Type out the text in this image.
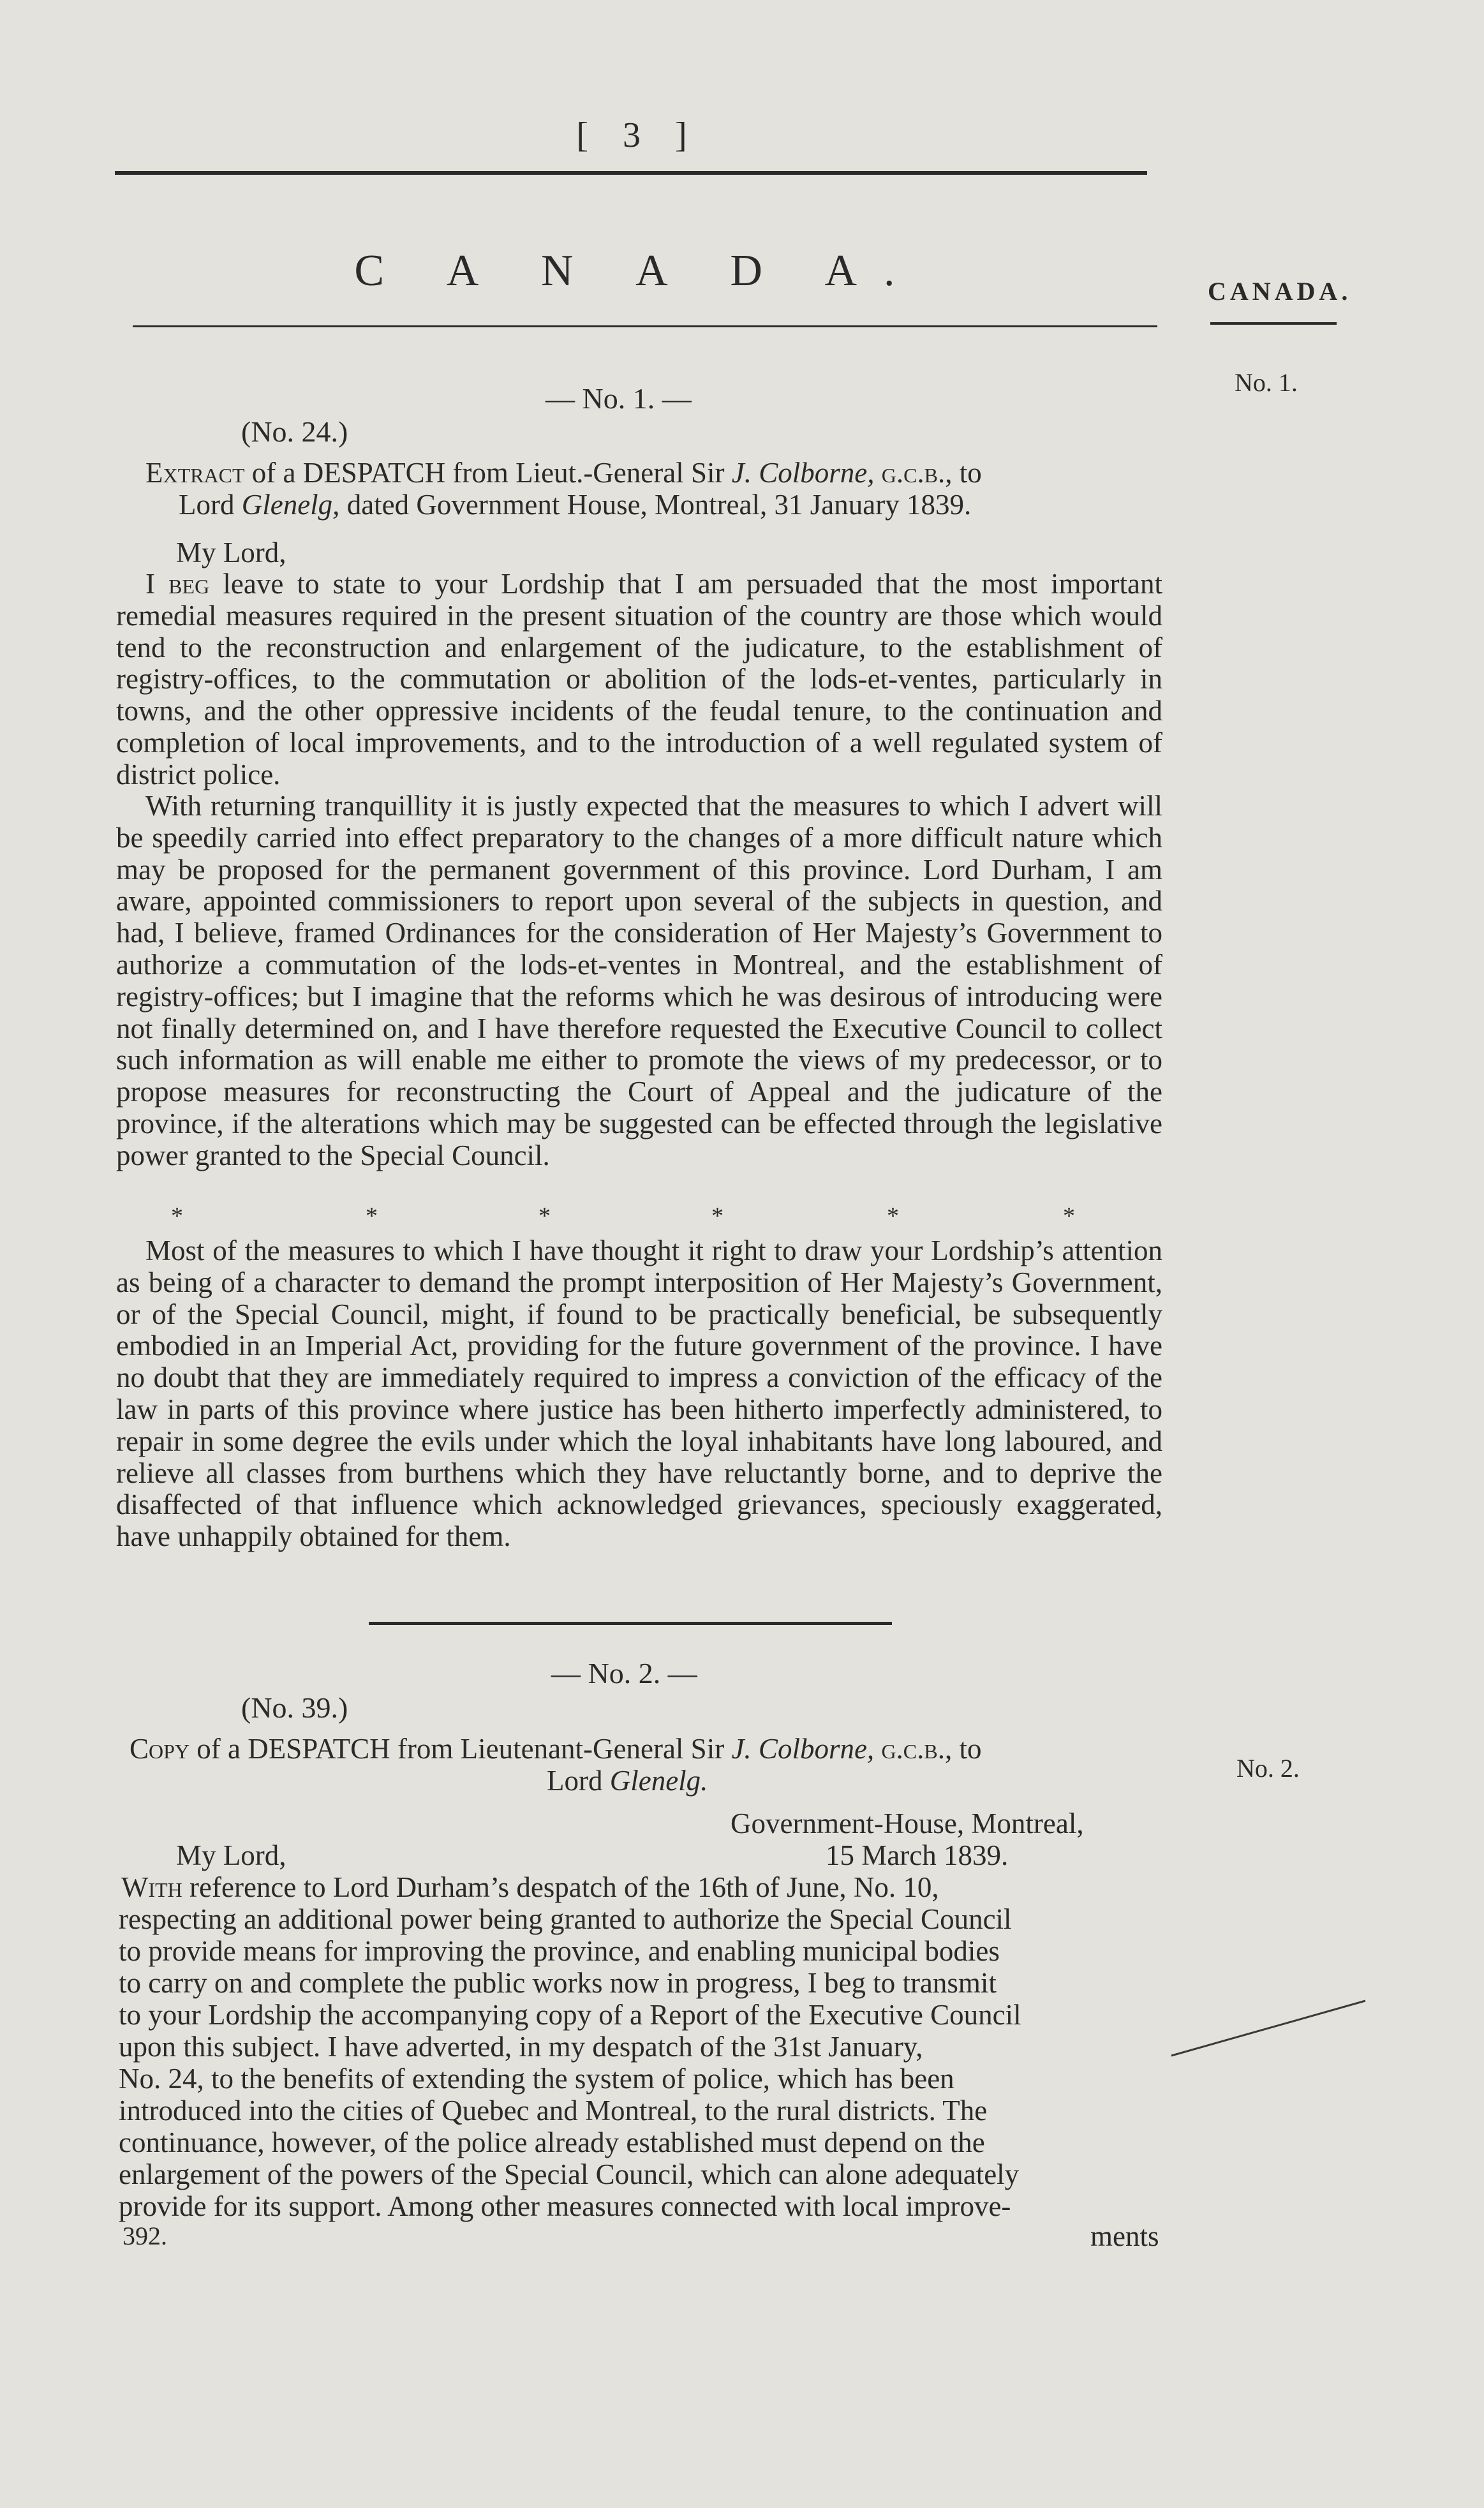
[ 3 ]
C A N A D A.	CANADA.
— No. 1. —	No. 1.
(No. 24.)
Extract of a DESPATCH from Lieut.-General Sir J. Colborne, g.c.b., to
Lord Glenelg, dated Government House, Montreal, 31 January 1839.
My Lord,
I beg leave to state to your Lordship that I am persuaded that the most important remedial measures required in the present situation of the country are those which would tend to the reconstruction and enlargement of the judicature, to the establishment of registry-offices, to the commutation or abolition of the lods-et-ventes, particularly in towns, and the other oppressive incidents of the feudal tenure, to the continuation and completion of local improvements, and to the introduction of a well regulated system of district police.
With returning tranquillity it is justly expected that the measures to which I advert will be speedily carried into effect preparatory to the changes of a more difficult nature which may be proposed for the permanent government of this province. Lord Durham, I am aware, appointed commissioners to report upon several of the subjects in question, and had, I believe, framed Ordinances for the consideration of Her Majesty’s Government to authorize a commutation of the lods-et-ventes in Montreal, and the establishment of registry-offices; but I imagine that the reforms which he was desirous of introducing were not finally determined on, and I have therefore requested the Executive Council to collect such information as will enable me either to promote the views of my predecessor, or to propose measures for reconstructing the Court of Appeal and the judicature of the province, if the alterations which may be suggested can be effected through the legislative power granted to the Special Council.
*	*	*	*	*	*
Most of the measures to which I have thought it right to draw your Lordship’s attention as being of a character to demand the prompt interposition of Her Majesty’s Government, or of the Special Council, might, if found to be practically beneficial, be subsequently embodied in an Imperial Act, providing for the future government of the province. I have no doubt that they are immediately required to impress a conviction of the efficacy of the law in parts of this province where justice has been hitherto imperfectly administered, to repair in some degree the evils under which the loyal inhabitants have long laboured, and relieve all classes from burthens which they have reluctantly borne, and to deprive the disaffected of that influence which acknowledged grievances, speciously exaggerated, have unhappily obtained for them.
— No. 2. —
(No. 39.)
No. 2.
Copy of a DESPATCH from Lieutenant-General Sir J. Colborne, g.c.b., to
Lord Glenelg.
Government-House, Montreal,
My Lord,	15 March 1839.
With reference to Lord Durham’s despatch of the 16th of June, No. 10,
respecting an additional power being granted to authorize the Special Council
to provide means for improving the province, and enabling municipal bodies
to carry on and complete the public works now in progress, I beg to transmit
to your Lordship the accompanying copy of a Report of the Executive Council
upon this subject. I have adverted, in my despatch of the 31st January,
No. 24, to the benefits of extending the system of police, which has been
introduced into the cities of Quebec and Montreal, to the rural districts. The
continuance, however, of the police already established must depend on the
enlargement of the powers of the Special Council, which can alone adequately
provide for its support. Among other measures connected with local improve-
392.	ments
